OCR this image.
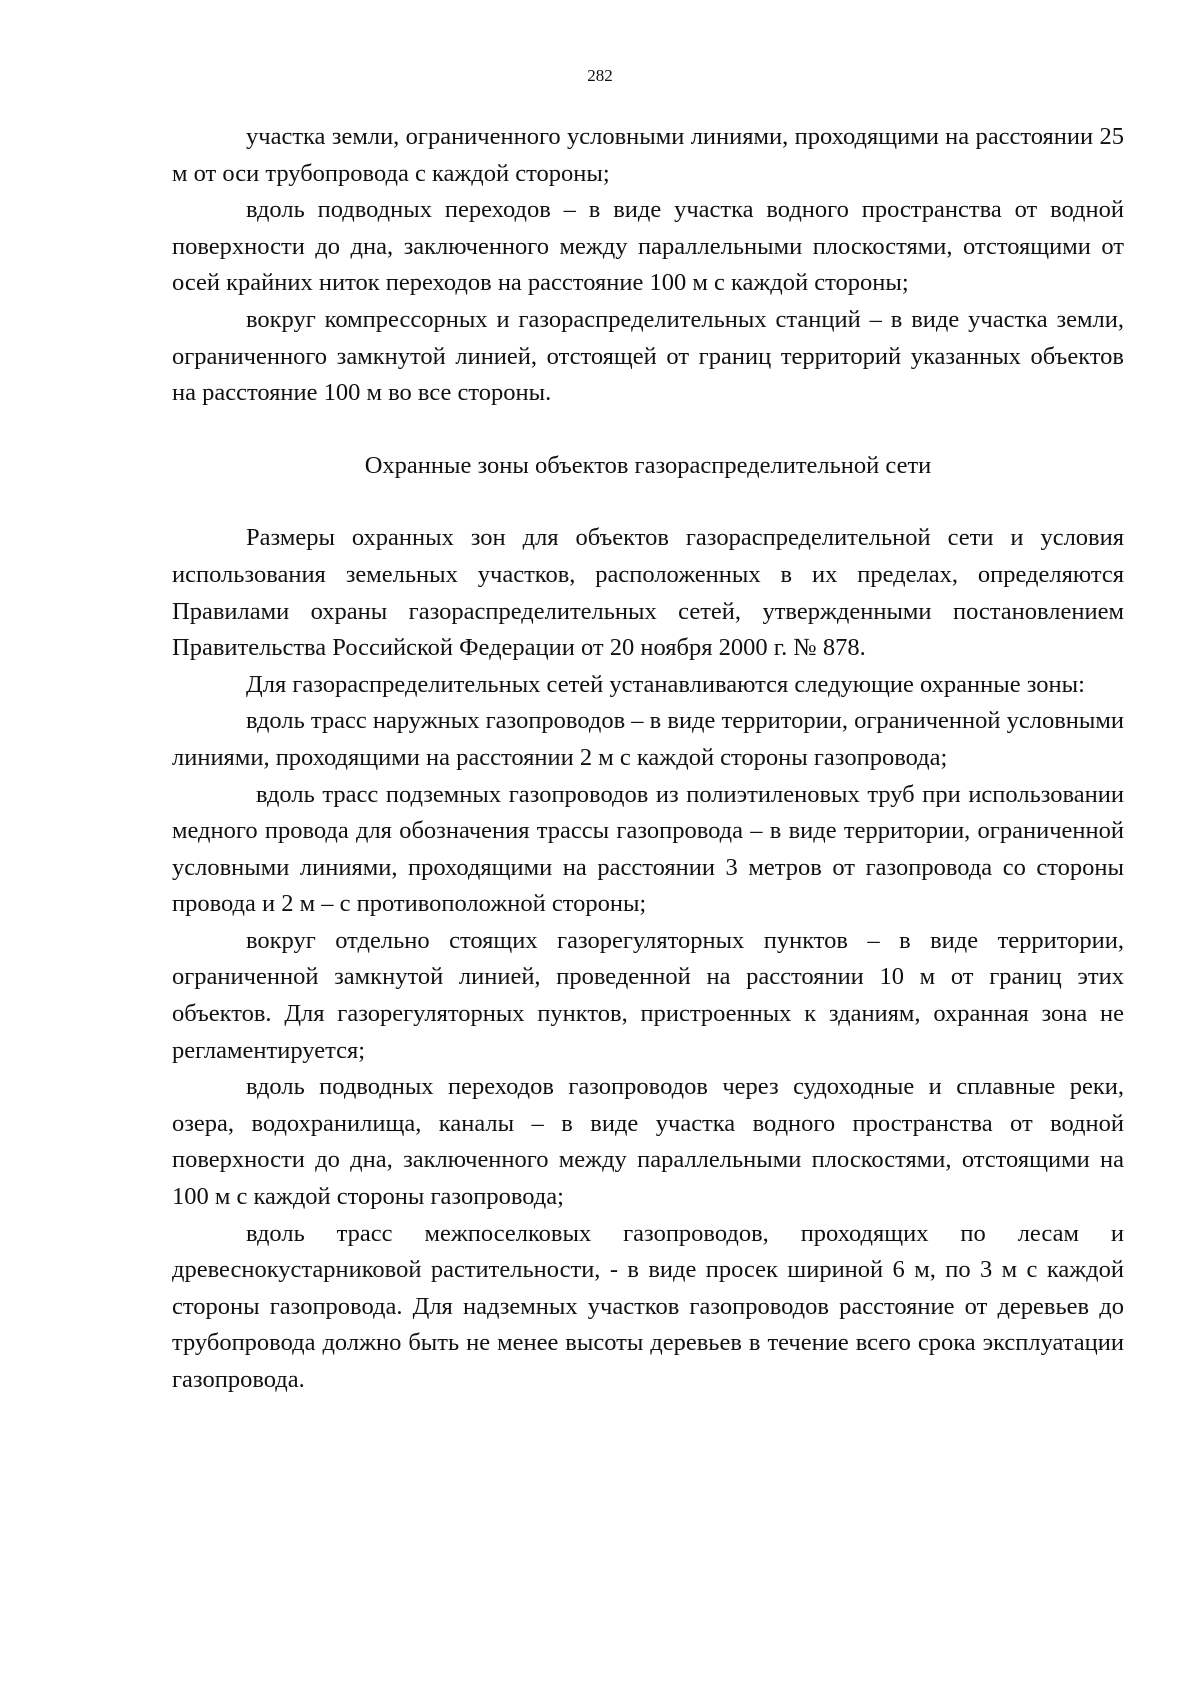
282

участка земли, ограниченного условными линиями, проходящими на расстоянии 25 м от оси трубопровода с каждой стороны;

вдоль подводных переходов – в виде участка водного пространства от водной поверхности до дна, заключенного между параллельными плоскостями, отстоящими от осей крайних ниток переходов на расстояние 100 м с каждой стороны;

вокруг компрессорных и газораспределительных станций – в виде участка земли, ограниченного замкнутой линией, отстоящей от границ территорий указанных объектов на расстояние 100 м во все стороны.

Охранные зоны объектов газораспределительной сети

Размеры охранных зон для объектов газораспределительной сети и условия использования земельных участков, расположенных в их пределах, определяются Правилами охраны газораспределительных сетей, утвержденными постановлением Правительства Российской Федерации от 20 ноября 2000 г. № 878.

Для газораспределительных сетей устанавливаются следующие охранные зоны:

вдоль трасс наружных газопроводов – в виде территории, ограниченной условными линиями, проходящими на расстоянии 2 м с каждой стороны газопровода;

вдоль трасс подземных газопроводов из полиэтиленовых труб при использовании медного провода для обозначения трассы газопровода – в виде территории, ограниченной условными линиями, проходящими на расстоянии 3 метров от газопровода со стороны провода и 2 м – с противоположной стороны;

вокруг отдельно стоящих газорегуляторных пунктов – в виде территории, ограниченной замкнутой линией, проведенной на расстоянии 10 м от границ этих объектов. Для газорегуляторных пунктов, пристроенных к зданиям, охранная зона не регламентируется;

вдоль подводных переходов газопроводов через судоходные и сплавные реки, озера, водохранилища, каналы – в виде участка водного пространства от водной поверхности до дна, заключенного между параллельными плоскостями, отстоящими на 100 м с каждой стороны газопровода;

вдоль трасс межпоселковых газопроводов, проходящих по лесам и древеснокустарниковой растительности, - в виде просек шириной 6 м, по 3 м с каждой стороны газопровода. Для надземных участков газопроводов расстояние от деревьев до трубопровода должно быть не менее высоты деревьев в течение всего срока эксплуатации газопровода.
